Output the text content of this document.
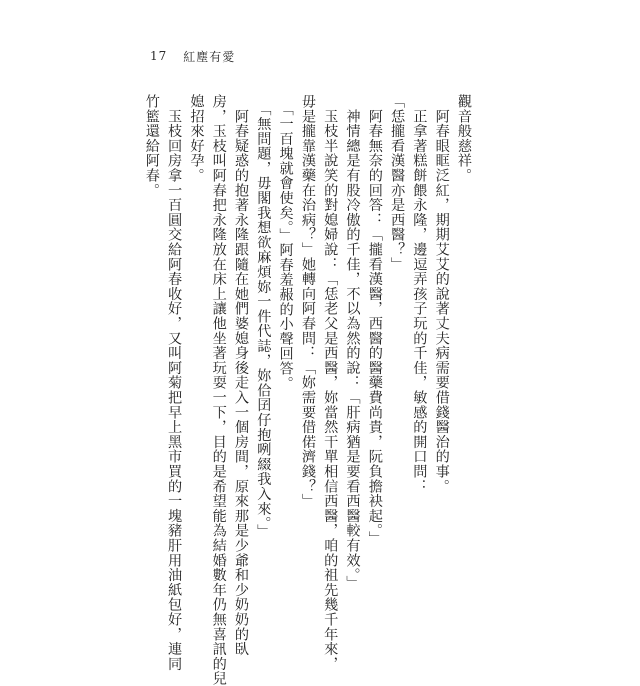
17 紅塵有愛
觀音般慈祥。
　阿春眼眶泛紅，期期艾艾的說著丈夫病需要借錢醫治的事。
　正拿著糕餅餵永隆，邊逗弄孩子玩的千佳，敏感的開口問：
「恁攏看漢醫亦是西醫？」
　阿春無奈的回答：「攏看漢醫，西醫的醫藥費尚貴，阮負擔袂起。」
　神情總是有股冷傲的千佳，不以為然的說：「肝病猶是要看西醫較有效。」
　玉枝半說笑的對媳婦說：「恁老父是西醫，妳當然干單相信西醫，咱的祖先幾千年來，
毋是攏靠漢藥在治病？」她轉向阿春問：「妳需要借偌濟錢？」
　「一百塊就會使矣。」阿春羞赧的小聲回答。
　「無問題，毋閣我想欲麻煩妳一件代誌，妳佮囝仔抱咧綴我入來。」
　阿春疑惑的抱著永隆跟隨在她們婆媳身後走入一個房間，原來那是少爺和少奶奶的臥
房，玉枝叫阿春把永隆放在床上讓他坐著玩耍一下，目的是希望能為結婚數年仍無喜訊的兒
媳招來好孕。
　玉枝回房拿一百圓交給阿春收好，又叫阿菊把早上黑市買的一塊豬肝用油紙包好，連同
竹籃還給阿春。
